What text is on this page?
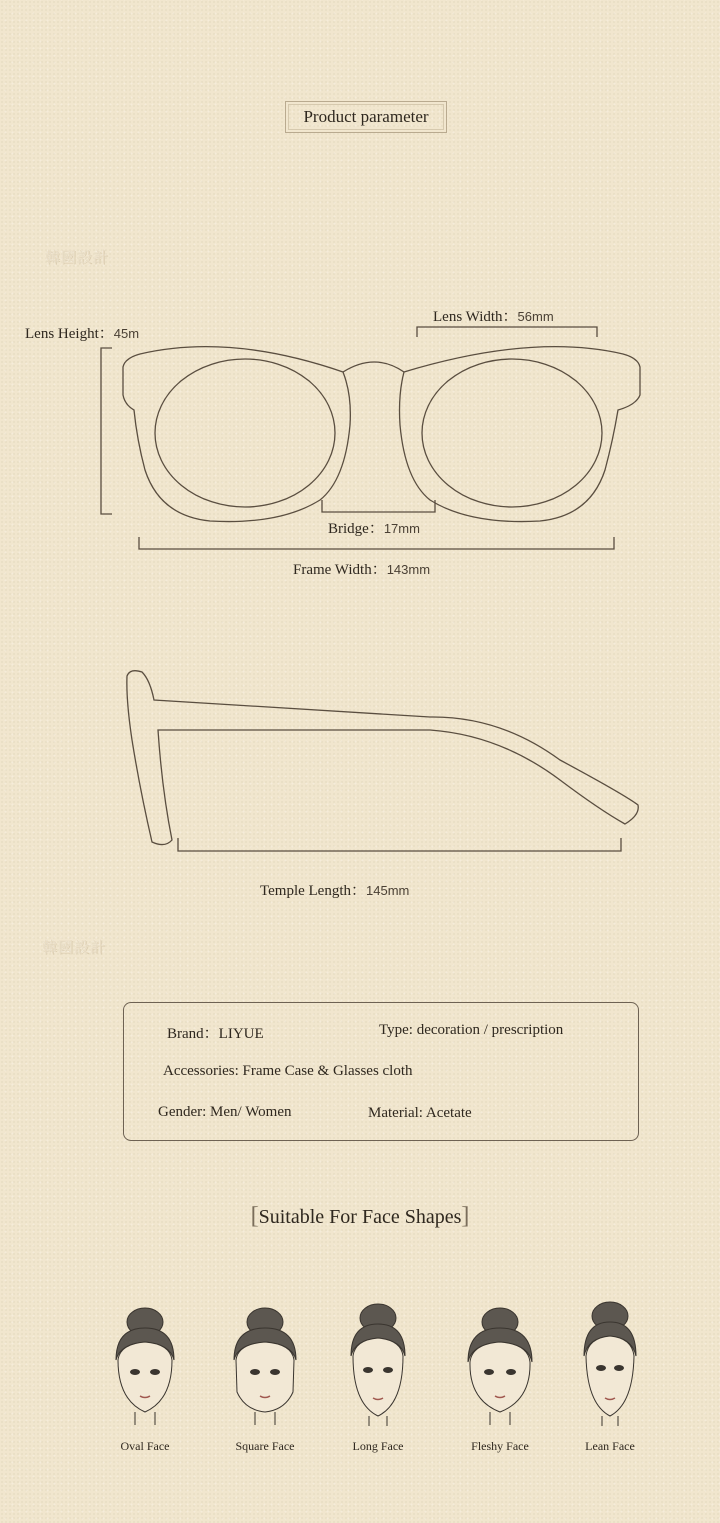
Product parameter
韓國設計
韓國設計
Lens Height：45m
Lens Width：56mm
Bridge：17mm
Frame Width：143mm
Temple Length：145mm
Brand：LIYUE	Type: decoration / prescription
Accessories: Frame Case & Glasses cloth
Gender: Men/ Women	Material: Acetate
[Suitable For Face Shapes]
Oval Face	Square Face	Long Face	Fleshy Face	Lean Face
